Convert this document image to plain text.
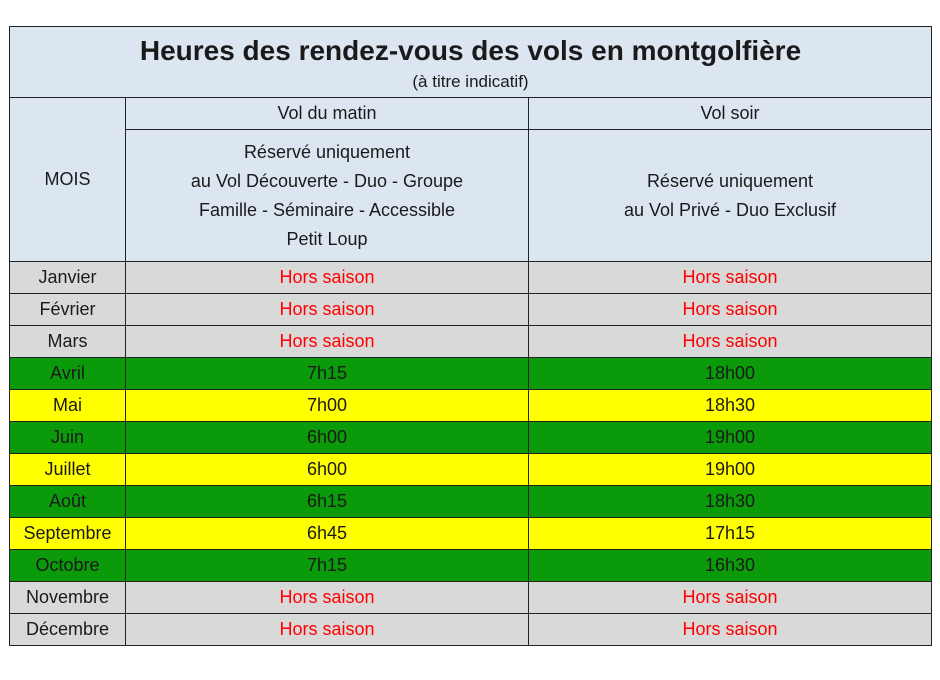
Heures des rendez-vous des vols en montgolfière
(à titre indicatif)		

MOIS	Vol du matin	Vol soir

	Réservé uniquement
au Vol Découverte - Duo - Groupe
Famille - Séminaire - Accessible
Petit Loup	Réservé uniquement
au Vol Privé - Duo Exclusif

Janvier	Hors saison	Hors saison
Février	Hors saison	Hors saison
Mars	Hors saison	Hors saison
Avril	7h15	18h00
Mai	7h00	18h30
Juin	6h00	19h00
Juillet	6h00	19h00
Août	6h15	18h30
Septembre	6h45	17h15
Octobre	7h15	16h30
Novembre	Hors saison	Hors saison
Décembre	Hors saison	Hors saison
